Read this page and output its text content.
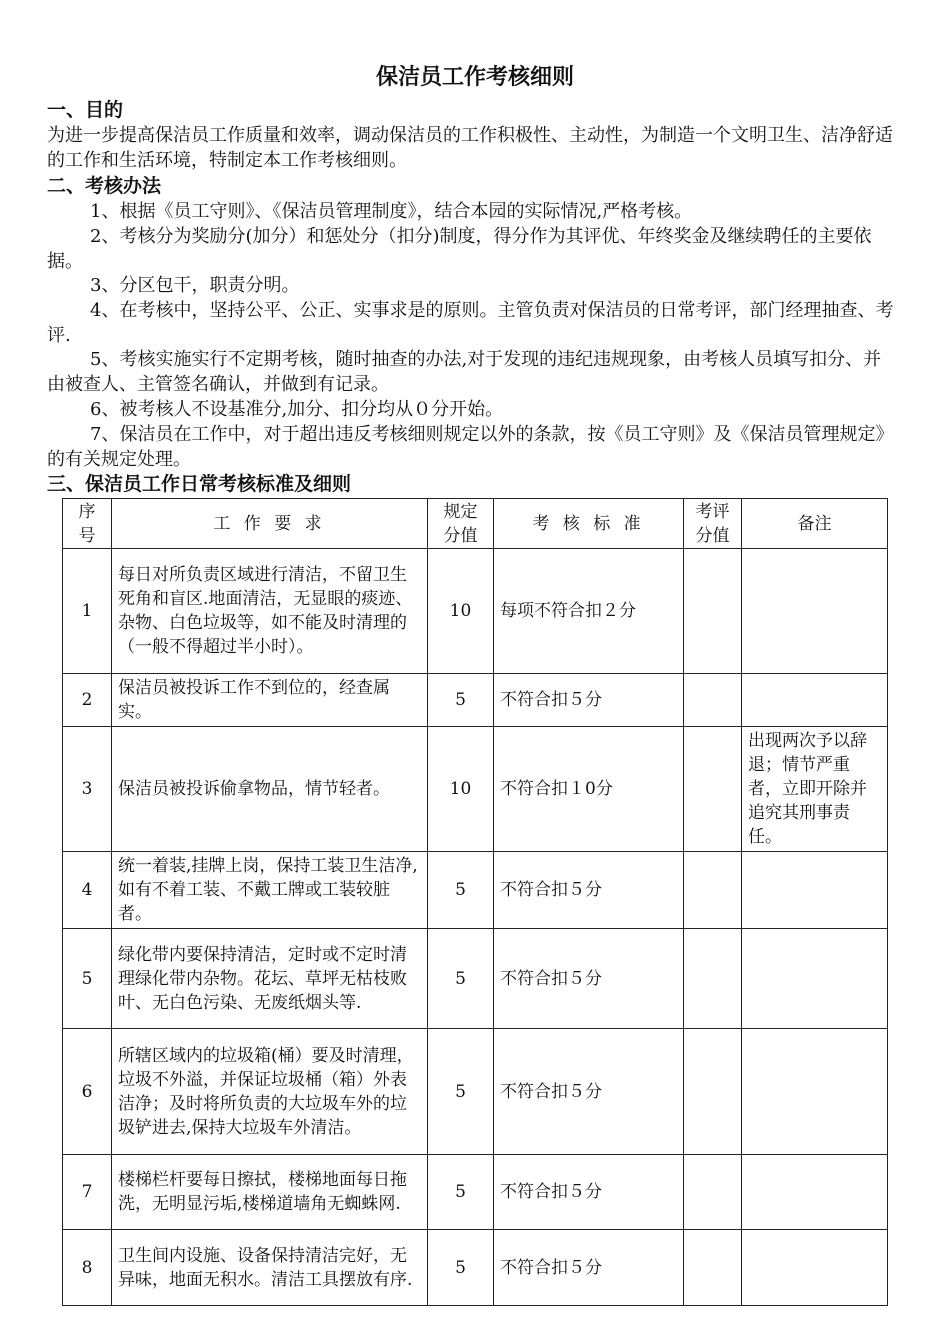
保洁员工作考核细则
一、目的
为进一步提高保洁员工作质量和效率，调动保洁员的工作积极性、主动性，为制造一个文明卫生、洁净舒适的工作和生活环境，特制定本工作考核细则。
二、考核办法
1、根据《员工守则》、《保洁员管理制度》，结合本园的实际情况,严格考核。
2、考核分为奖励分(加分）和惩处分（扣分)制度，得分作为其评优、年终奖金及继续聘任的主要依据。
3、分区包干，职责分明。
4、在考核中，坚持公平、公正、实事求是的原则。主管负责对保洁员的日常考评，部门经理抽查、考评.
5、考核实施实行不定期考核，随时抽查的办法,对于发现的违纪违规现象，由考核人员填写扣分、并由被查人、主管签名确认，并做到有记录。
6、被考核人不设基准分,加分、扣分均从０分开始。
7、保洁员在工作中，对于超出违反考核细则规定以外的条款，按《员工守则》及《保洁员管理规定》的有关规定处理。
三、保洁员工作日常考核标准及细则
序号	工 作 要 求	规定分值	考 核 标 准	考评分值	备注
1	每日对所负责区域进行清洁，不留卫生死角和盲区.地面清洁，无显眼的痰迹、杂物、白色垃圾等，如不能及时清理的（一般不得超过半小时）。	10	每项不符合扣２分		
2	保洁员被投诉工作不到位的，经查属实。	5	不符合扣５分		
3	保洁员被投诉偷拿物品，情节轻者。	10	不符合扣１0分		出现两次予以辞退；情节严重者，立即开除并追究其刑事责任。
4	统一着装,挂牌上岗，保持工装卫生洁净,如有不着工装、不戴工牌或工装较脏者。	5	不符合扣５分		
5	绿化带内要保持清洁，定时或不定时清理绿化带内杂物。花坛、草坪无枯枝败叶、无白色污染、无废纸烟头等.	5	不符合扣５分		
6	所辖区域内的垃圾箱(桶）要及时清理，垃圾不外溢，并保证垃圾桶（箱）外表洁净；及时将所负责的大垃圾车外的垃圾铲进去,保持大垃圾车外清洁。	5	不符合扣５分		
7	楼梯栏杆要每日擦拭，楼梯地面每日拖洗，无明显污垢,楼梯道墙角无蜘蛛网.	5	不符合扣５分		
8	卫生间内设施、设备保持清洁完好，无异味，地面无积水。清洁工具摆放有序.	5	不符合扣５分		
